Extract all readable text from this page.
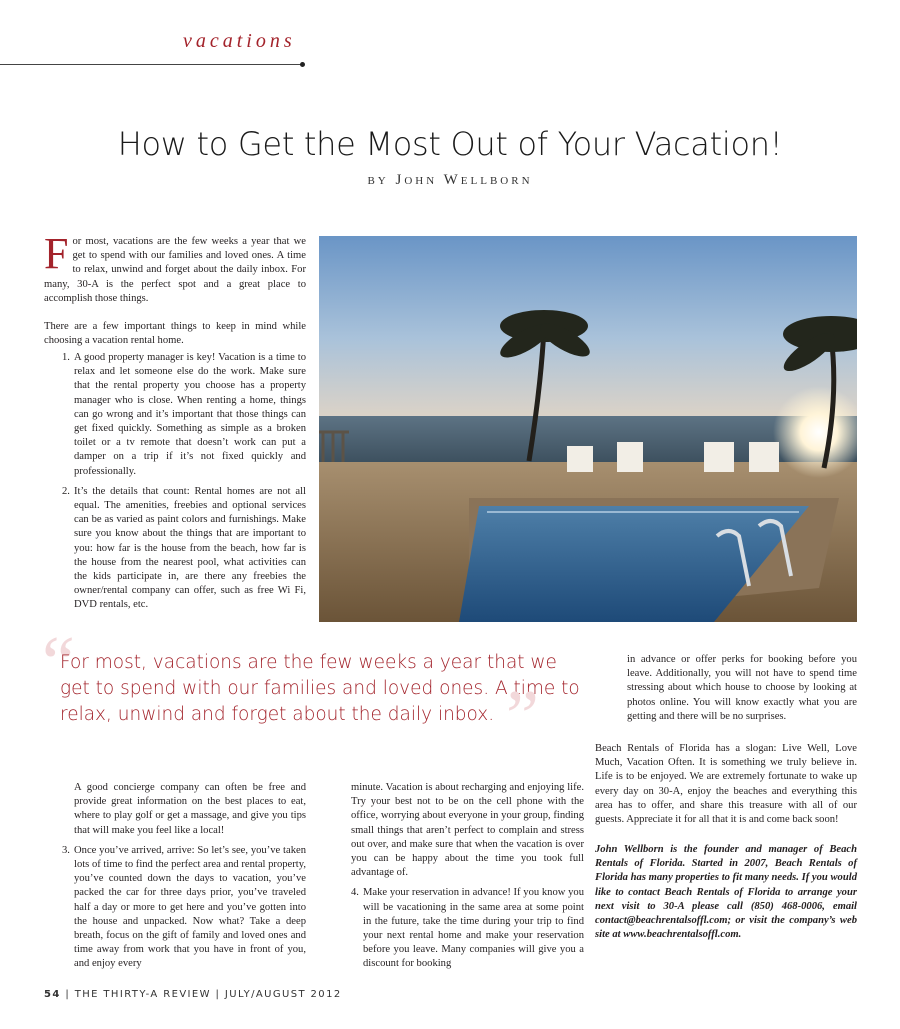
vacations
How to Get the Most Out of Your Vacation!
by John Wellborn
For most, vacations are the few weeks a year that we get to spend with our families and loved ones. A time to relax, unwind and forget about the daily inbox. For many, 30-A is the perfect spot and a great place to accomplish those things.

There are a few important things to keep in mind while choosing a vacation rental home.

1. A good property manager is key! Vacation is a time to relax and let someone else do the work. Make sure that the rental property you choose has a property manager who is close. When renting a home, things can go wrong and it’s important that those things can get fixed quickly. Something as simple as a broken toilet or a tv remote that doesn’t work can put a damper on a trip if it’s not fixed quickly and professionally.
2. It’s the details that count: Rental homes are not all equal. The amenities, freebies and optional services can be as varied as paint colors and furnishings. Make sure you know about the things that are important to you: how far is the house from the beach, how far is the house from the nearest pool, what activities can the kids participate in, are there any freebies the owner/rental company can offer, such as free Wi Fi, DVD rentals, etc.
“

For most, vacations are the few weeks a year that we get to spend with our families and loved ones. A time to relax, unwind and forget about the daily inbox. ”

A good concierge company can often be free and provide great information on the best places to eat, where to play golf or get a massage, and give you tips that will make you feel like a local!

3. Once you’ve arrived, arrive: So let’s see, you’ve taken lots of time to find the perfect area and rental property, you’ve counted down the days to vacation, you’ve packed the car for three days prior, you’ve traveled half a day or more to get here and you’ve gotten into the house and unpacked. Now what? Take a deep breath, focus on the gift of family and loved ones and time away from work that you have in front of you, and enjoy every

minute. Vacation is about recharging and enjoying life. Try your best not to be on the cell phone with the office, worrying about everyone in your group, finding small things that aren’t perfect to complain and stress out over, and make sure that when the vacation is over you can be happy about the time you took full advantage of.

4. Make your reservation in advance! If you know you will be vacationing in the same area at some point in the future, take the time during your trip to find your next rental home and make your reservation before you leave. Many companies will give you a discount for booking

in advance or offer perks for booking before you leave. Additionally, you will not have to spend time stressing about which house to choose by looking at photos online. You will know exactly what you are getting and there will be no surprises.

Beach Rentals of Florida has a slogan: Live Well, Love Much, Vacation Often. It is something we truly believe in. Life is to be enjoyed. We are extremely fortunate to wake up every day on 30-A, enjoy the beaches and everything this area has to offer, and share this treasure with all of our guests. Appreciate it for all that it is and come back soon!

John Wellborn is the founder and manager of Beach Rentals of Florida. Started in 2007, Beach Rentals of Florida has many properties to fit many needs. If you would like to contact Beach Rentals of Florida to arrange your next visit to 30-A please call (850) 468-0006, email contact@beachrentalsoffl.com; or visit the company’s web site at www.beachrentalsoffl.com.

54 | THE THIRTY-A REVIEW | JULY/AUGUST 2012
